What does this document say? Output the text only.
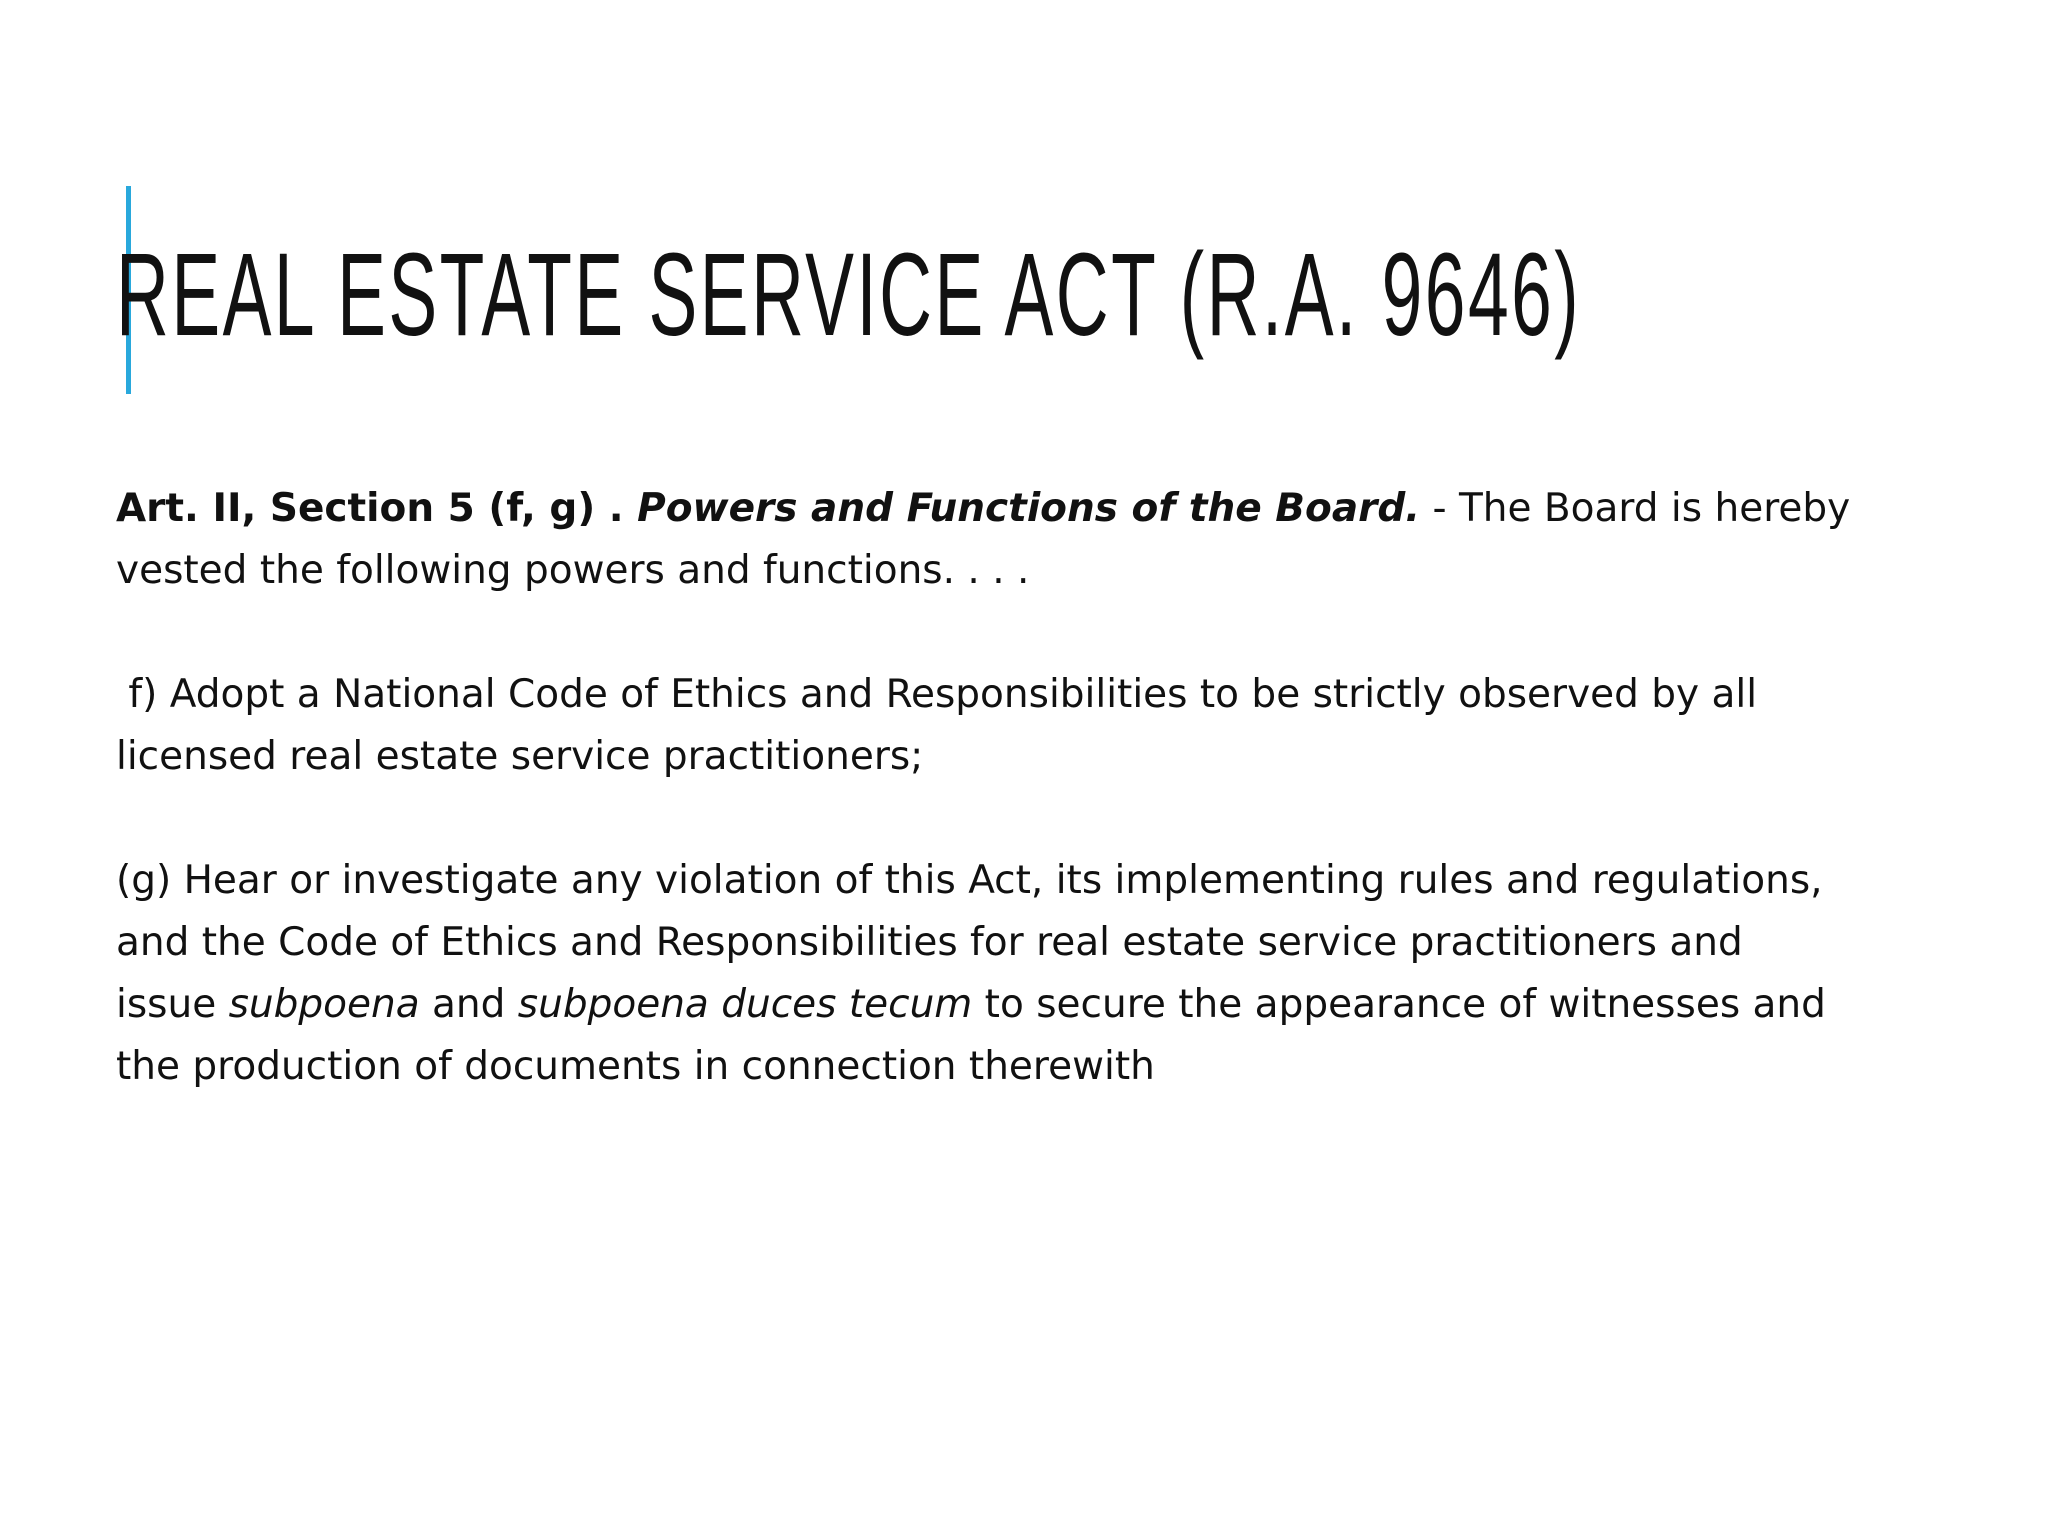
REAL ESTATE SERVICE ACT (R.A. 9646)

Art. II, Section 5 (f, g) . Powers and Functions of the Board. - The Board is hereby
vested the following powers and functions. . . .

f) Adopt a National Code of Ethics and Responsibilities to be strictly observed by all
licensed real estate service practitioners;

(g) Hear or investigate any violation of this Act, its implementing rules and regulations,
and the Code of Ethics and Responsibilities for real estate service practitioners and
issue subpoena and subpoena duces tecum to secure the appearance of witnesses and
the production of documents in connection therewith
